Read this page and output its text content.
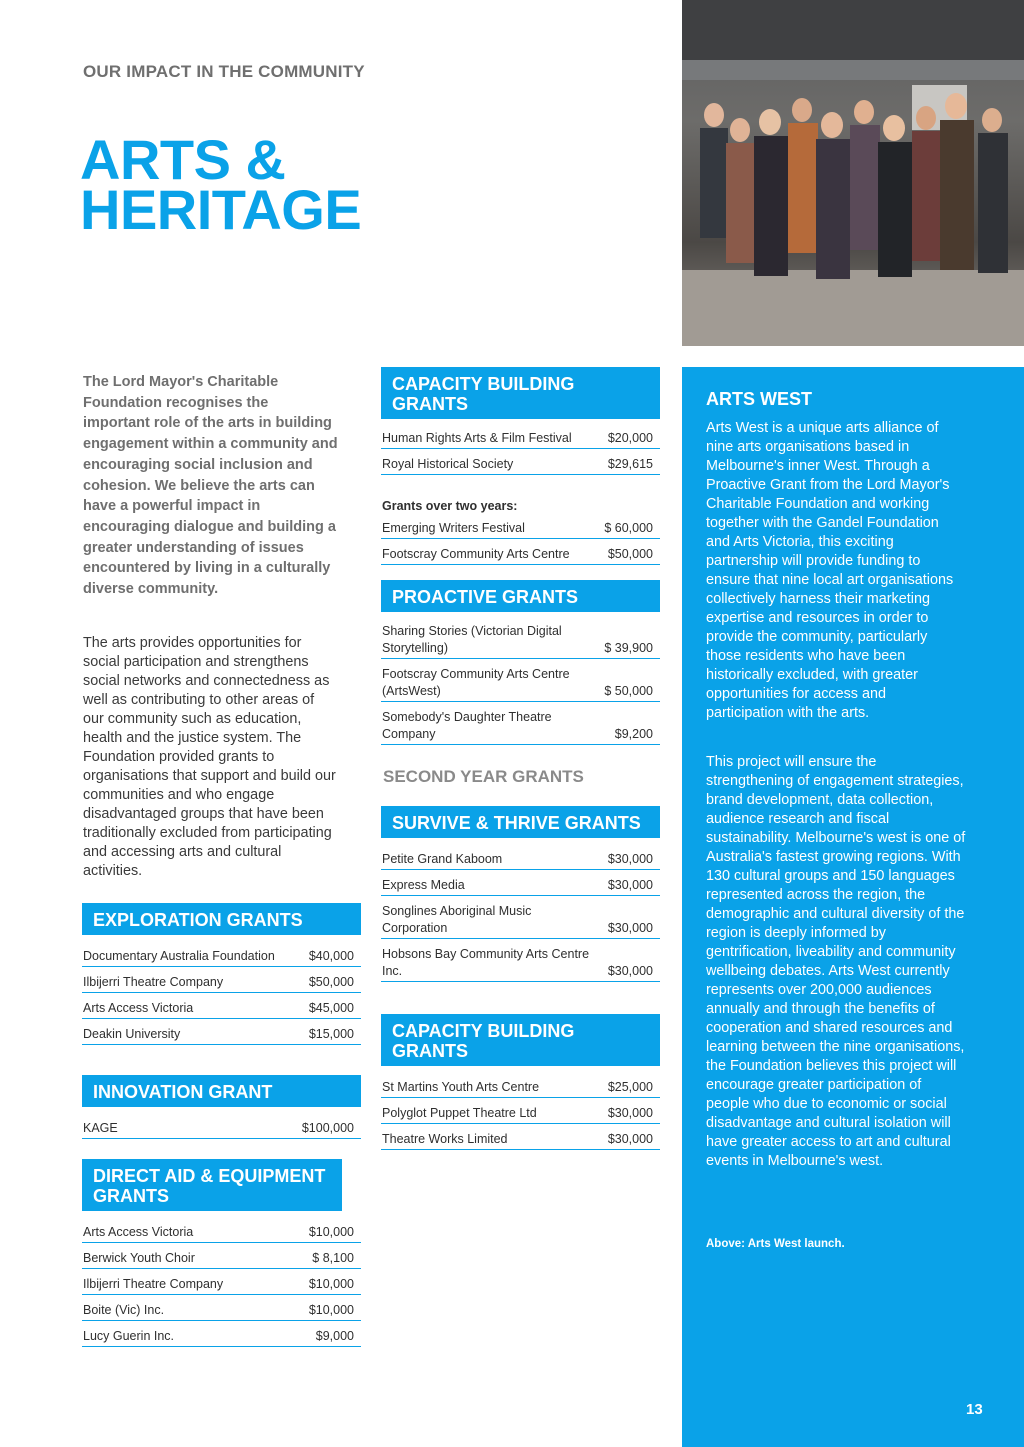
OUR IMPACT IN THE COMMUNITY
ARTS &
HERITAGE
The Lord Mayor's Charitable Foundation recognises the important role of the arts in building engagement within a community and encouraging social inclusion and cohesion. We believe the arts can have a powerful impact in encouraging dialogue and building a greater understanding of issues encountered by living in a culturally diverse community.
The arts provides opportunities for social participation and strengthens social networks and connectedness as well as contributing to other areas of our community such as education, health and the justice system. The Foundation provided grants to organisations that support and build our communities and who engage disadvantaged groups that have been traditionally excluded from participating and accessing arts and cultural activities.
EXPLORATION GRANTS
Documentary Australia Foundation	$40,000
Ilbijerri Theatre Company	$50,000
Arts Access Victoria	$45,000
Deakin University	$15,000
INNOVATION GRANT
KAGE	$100,000
DIRECT AID & EQUIPMENT GRANTS
Arts Access Victoria	$10,000
Berwick Youth Choir	$ 8,100
Ilbijerri Theatre Company	$10,000
Boite (Vic) Inc.	$10,000
Lucy Guerin Inc.	$9,000
CAPACITY BUILDING GRANTS
Human Rights Arts & Film Festival	$20,000
Royal Historical Society	$29,615
Grants over two years:
Emerging Writers Festival	$ 60,000
Footscray Community Arts Centre	$50,000
PROACTIVE GRANTS
Sharing Stories (Victorian Digital Storytelling)	$ 39,900
Footscray Community Arts Centre (ArtsWest)	$ 50,000
Somebody's Daughter Theatre Company	$9,200
SECOND YEAR GRANTS
SURVIVE & THRIVE GRANTS
Petite Grand Kaboom	$30,000
Express Media	$30,000
Songlines Aboriginal Music Corporation	$30,000
Hobsons Bay Community Arts Centre Inc.	$30,000
CAPACITY BUILDING GRANTS
St Martins Youth Arts Centre	$25,000
Polyglot Puppet Theatre Ltd	$30,000
Theatre Works Limited	$30,000
ARTS WEST
Arts West is a unique arts alliance of nine arts organisations based in Melbourne's inner West. Through a Proactive Grant from the Lord Mayor's Charitable Foundation and working together with the Gandel Foundation and Arts Victoria, this exciting partnership will provide funding to ensure that nine local art organisations collectively harness their marketing expertise and resources in order to provide the community, particularly those residents who have been historically excluded, with greater opportunities for access and participation with the arts.
This project will ensure the strengthening of engagement strategies, brand development, data collection, audience research and fiscal sustainability. Melbourne's west is one of Australia's fastest growing regions. With 130 cultural groups and 150 languages represented across the region, the demographic and cultural diversity of the region is deeply informed by gentrification, liveability and community wellbeing debates. Arts West currently represents over 200,000 audiences annually and through the benefits of cooperation and shared resources and learning between the nine organisations, the Foundation believes this project will encourage greater participation of people who due to economic or social disadvantage and cultural isolation will have greater access to art and cultural events in Melbourne's west.
Above: Arts West launch.
13
